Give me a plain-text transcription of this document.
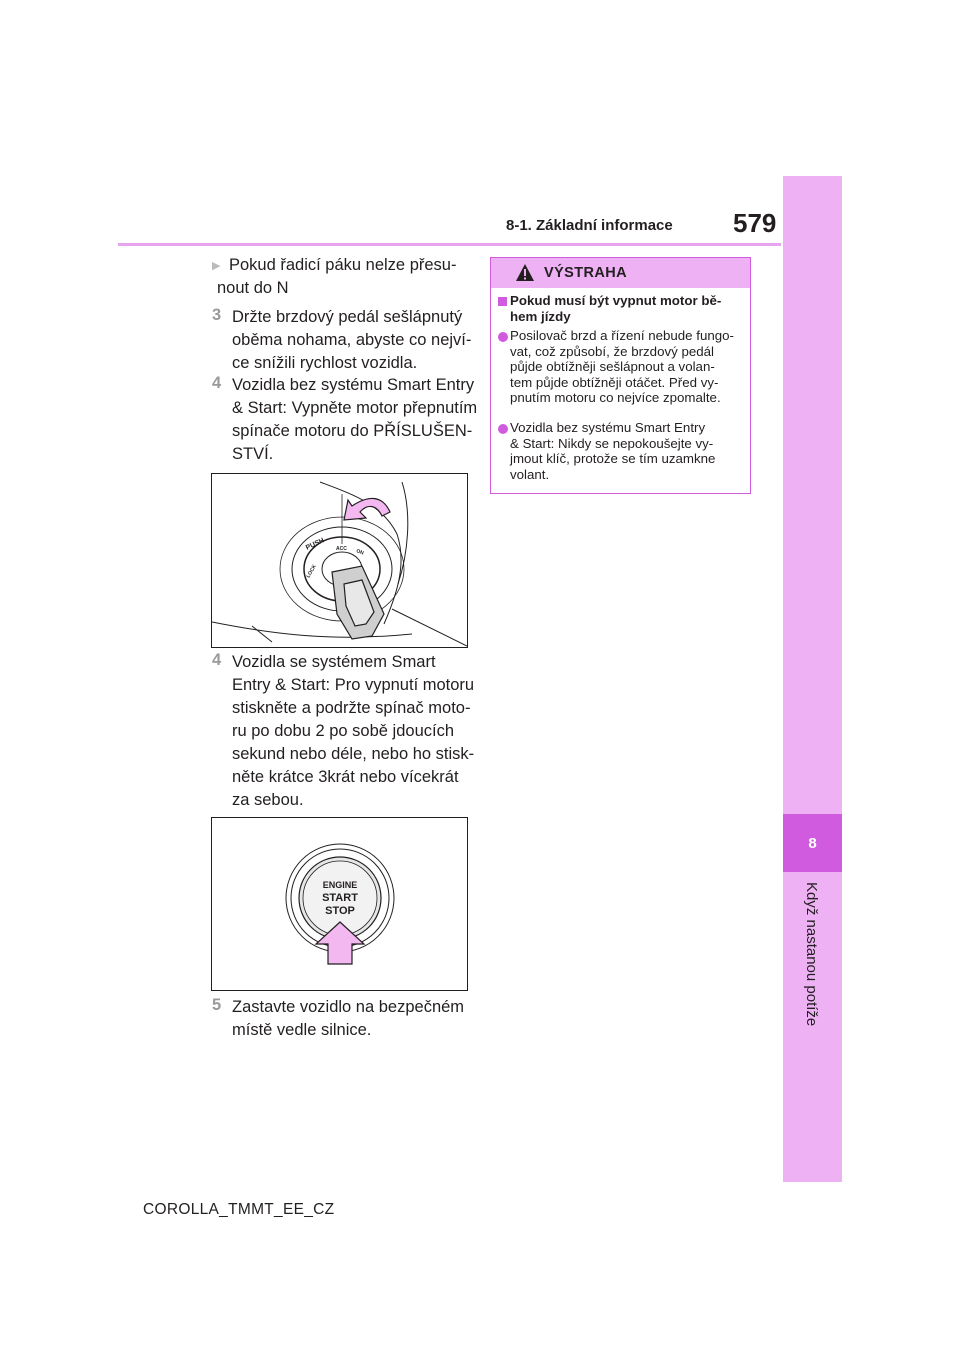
8-1. Základní informace 579
8
Když nastanou potíže
▶ Pokud řadicí páku nelze přesu-
nout do N
3 Držte brzdový pedál sešlápnutý
oběma nohama, abyste co nejví-
ce snížili rychlost vozidla.
4 Vozidla bez systému Smart Entry
& Start: Vypněte motor přepnutím
spínače motoru do PŘÍSLUŠEN-
STVÍ.
PUSH
LOCK
ACC ON
4 Vozidla se systémem Smart
Entry & Start: Pro vypnutí motoru
stiskněte a podržte spínač moto-
ru po dobu 2 po sobě jdoucích
sekund nebo déle, nebo ho stisk-
něte krátce 3krát nebo vícekrát
za sebou.
ENGINE
START
STOP
5 Zastavte vozidlo na bezpečném
místě vedle silnice.
VÝSTRAHA
Pokud musí být vypnut motor bě-
hem jízdy
Posilovač brzd a řízení nebude fungo-
vat, což způsobí, že brzdový pedál
půjde obtížněji sešlápnout a volan-
tem půjde obtížněji otáčet. Před vy-
pnutím motoru co nejvíce zpomalte.
Vozidla bez systému Smart Entry
& Start: Nikdy se nepokoušejte vy-
jmout klíč, protože se tím uzamkne
volant.
COROLLA_TMMT_EE_CZ
